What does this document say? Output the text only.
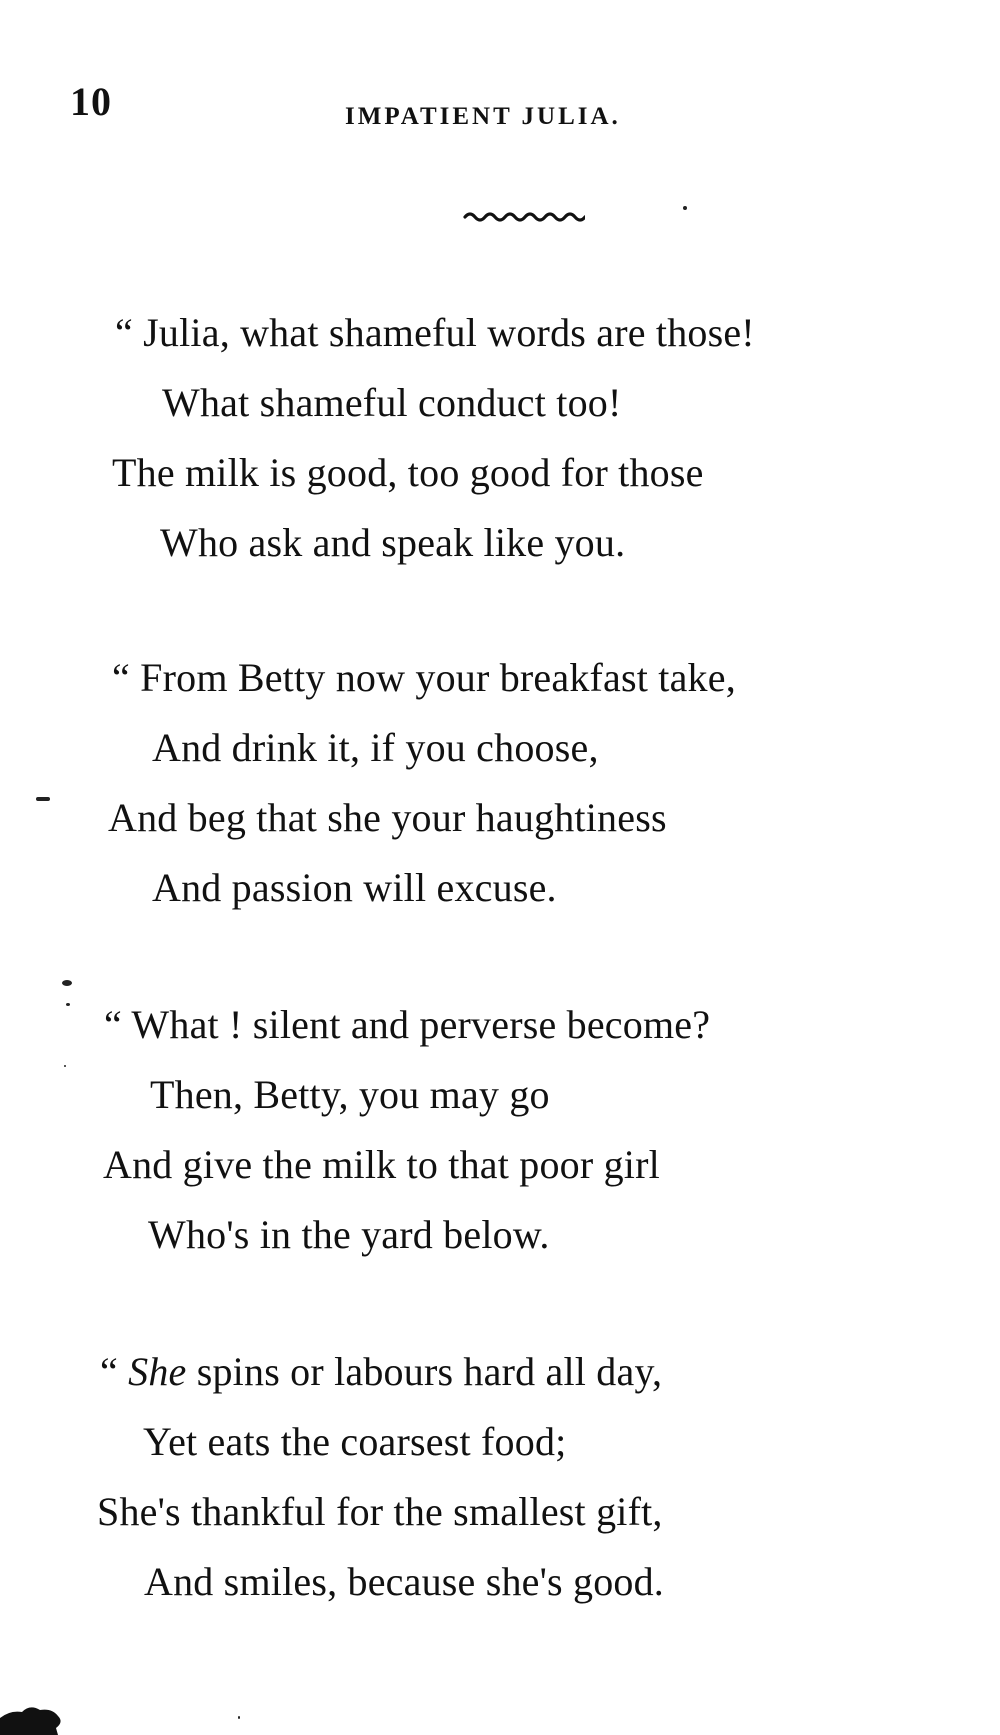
10	IMPATIENT JULIA.
“ Julia, what shameful words are those!
What shameful conduct too!
The milk is good, too good for those
Who ask and speak like you.
“ From Betty now your breakfast take,
And drink it, if you choose,
And beg that she your haughtiness
And passion will excuse.
“ What ! silent and perverse become?
Then, Betty, you may go
And give the milk to that poor girl
Who's in the yard below.
“ She spins or labours hard all day,
Yet eats the coarsest food;
She's thankful for the smallest gift,
And smiles, because she's good.
